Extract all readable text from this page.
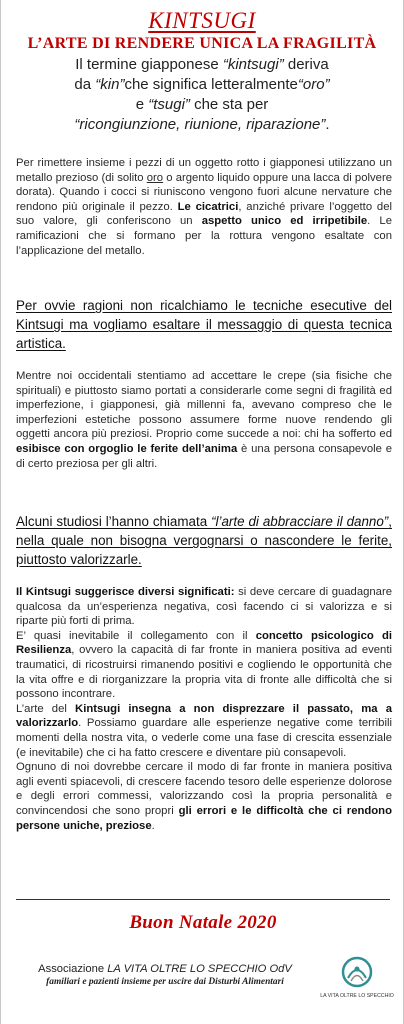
KINTSUGI
L’ARTE DI RENDERE UNICA LA FRAGILITÀ
Il termine giapponese “kintsugi” deriva
da “kin”che significa letteralmente“oro”
e “tsugi” che sta per
“ricongiunzione, riunione, riparazione”.
Per rimettere insieme i pezzi di un oggetto rotto i giapponesi utilizzano un metallo prezioso (di solito oro o argento liquido oppure una lacca di polvere dorata). Quando i cocci si riuniscono vengono fuori alcune nervature che rendono più originale il pezzo. Le cicatrici, anziché privare l’oggetto del suo valore, gli conferiscono un aspetto unico ed irripetibile. Le ramificazioni che si formano per la rottura vengono esaltate con l’applicazione del metallo.
Per ovvie ragioni non ricalchiamo le tecniche esecutive del Kintsugi ma vogliamo esaltare il messaggio di questa tecnica artistica.
Mentre noi occidentali stentiamo ad accettare le crepe (sia fisiche che spirituali) e piuttosto siamo portati a considerarle come segni di fragilità ed imperfezione, i giapponesi, già millenni fa, avevano compreso che le imperfezioni estetiche possono assumere forme nuove rendendo gli oggetti ancora più preziosi. Proprio come succede a noi: chi ha sofferto ed esibisce con orgoglio le ferite dell’anima è una persona consapevole e di certo preziosa per gli altri.
Alcuni studiosi l’hanno chiamata “l’arte di abbracciare il danno”, nella quale non bisogna vergognarsi o nascondere le ferite, piuttosto valorizzarle.
Il Kintsugi suggerisce diversi significati: si deve cercare di guadagnare qualcosa da un’esperienza negativa, così facendo ci si valorizza e si riparte più forti di prima.
E’ quasi inevitabile il collegamento con il concetto psicologico di Resilienza, ovvero la capacità di far fronte in maniera positiva ad eventi traumatici, di ricostruirsi rimanendo positivi e cogliendo le opportunità che la vita offre e di riorganizzare la propria vita di fronte alle difficoltà che si possono incontrare.
L’arte del Kintsugi insegna a non disprezzare il passato, ma a valorizzarlo. Possiamo guardare alle esperienze negative come terribili momenti della nostra vita, o vederle come una fase di crescita essenziale (e inevitabile) che ci ha fatto crescere e diventare più consapevoli.
Ognuno di noi dovrebbe cercare il modo di far fronte in maniera positiva agli eventi spiacevoli, di crescere facendo tesoro delle esperienze dolorose e degli errori commessi, valorizzando così la propria personalità e convincendosi che sono propri gli errori e le difficoltà che ci rendono persone uniche, preziose.
Buon Natale 2020
Associazione LA VITA OLTRE LO SPECCHIO OdV
familiari e pazienti insieme per uscire dai Disturbi Alimentari
LA VITA OLTRE LO SPECCHIO
